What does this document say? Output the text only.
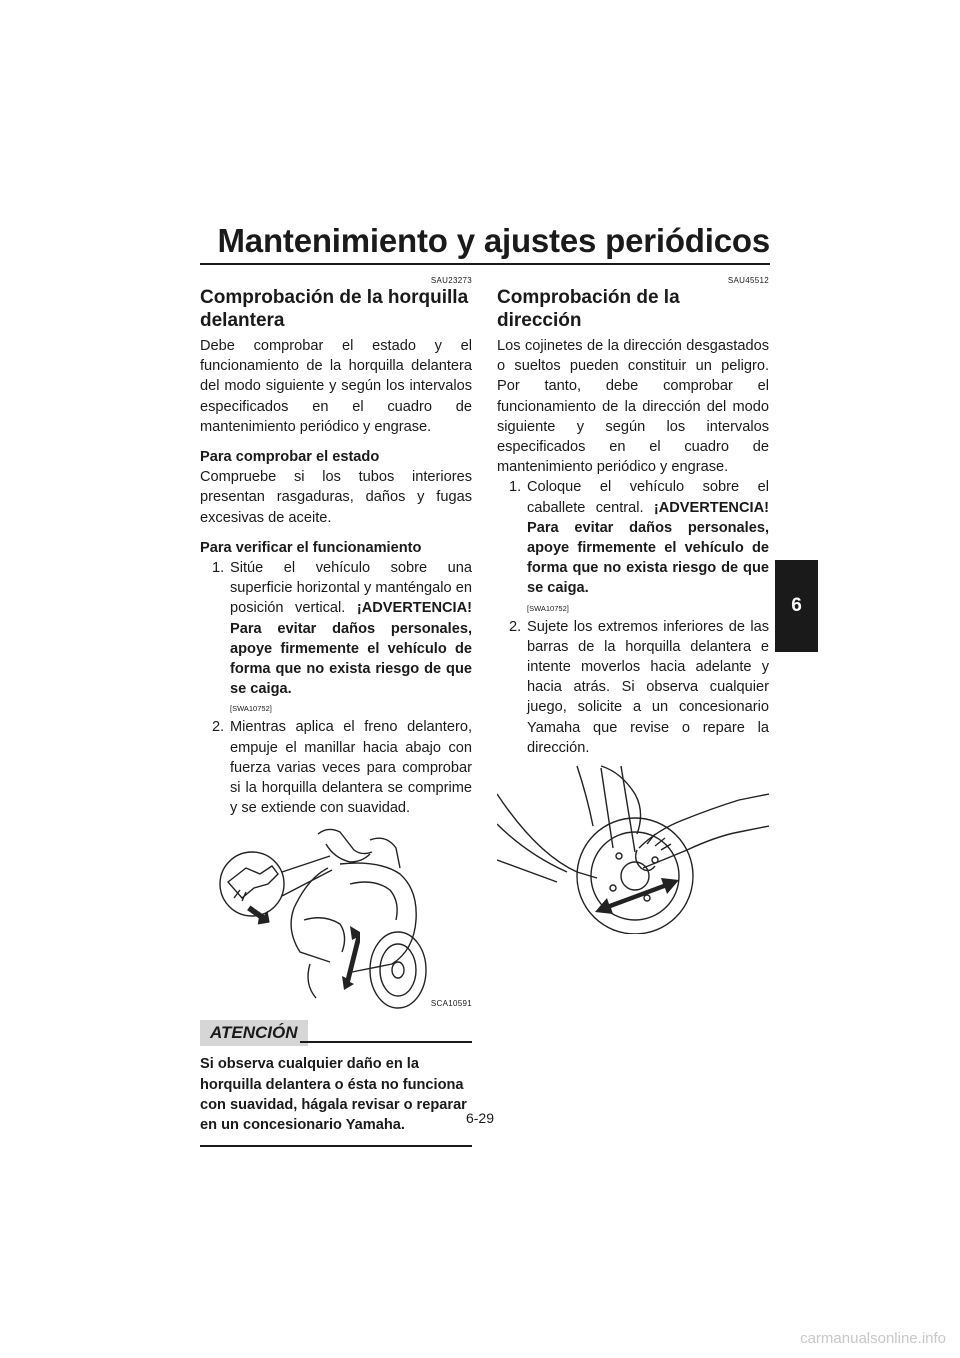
Mantenimiento y ajustes periódicos
6
SAU23273
Comprobación de la horquilla delantera

Debe comprobar el estado y el funcionamiento de la horquilla delantera del modo siguiente y según los intervalos especificados en el cuadro de mantenimiento periódico y engrase.

Para comprobar el estado

Compruebe si los tubos interiores presentan rasgaduras, daños y fugas excesivas de aceite.

Para verificar el funcionamiento
1. Sitúe el vehículo sobre una superficie horizontal y manténgalo en posición vertical. ¡ADVERTENCIA! Para evitar daños personales, apoye firmemente el vehículo de forma que no exista riesgo de que se caiga.
[SWA10752]
2. Mientras aplica el freno delantero, empuje el manillar hacia abajo con fuerza varias veces para comprobar si la horquilla delantera se comprime y se extiende con suavidad.
SCA10591
ATENCIÓN

Si observa cualquier daño en la horquilla delantera o ésta no funciona con suavidad, hágala revisar o reparar en un concesionario Yamaha.

SAU45512
Comprobación de la dirección

Los cojinetes de la dirección desgastados o sueltos pueden constituir un peligro. Por tanto, debe comprobar el funcionamiento de la dirección del modo siguiente y según los intervalos especificados en el cuadro de mantenimiento periódico y engrase.

1. Coloque el vehículo sobre el caballete central. ¡ADVERTENCIA! Para evitar daños personales, apoye firmemente el vehículo de forma que no exista riesgo de que se caiga.
[SWA10752]
2. Sujete los extremos inferiores de las barras de la horquilla delantera e intente moverlos hacia adelante y hacia atrás. Si observa cualquier juego, solicite a un concesionario Yamaha que revise o repare la dirección.
6-29
carmanualsonline.info
